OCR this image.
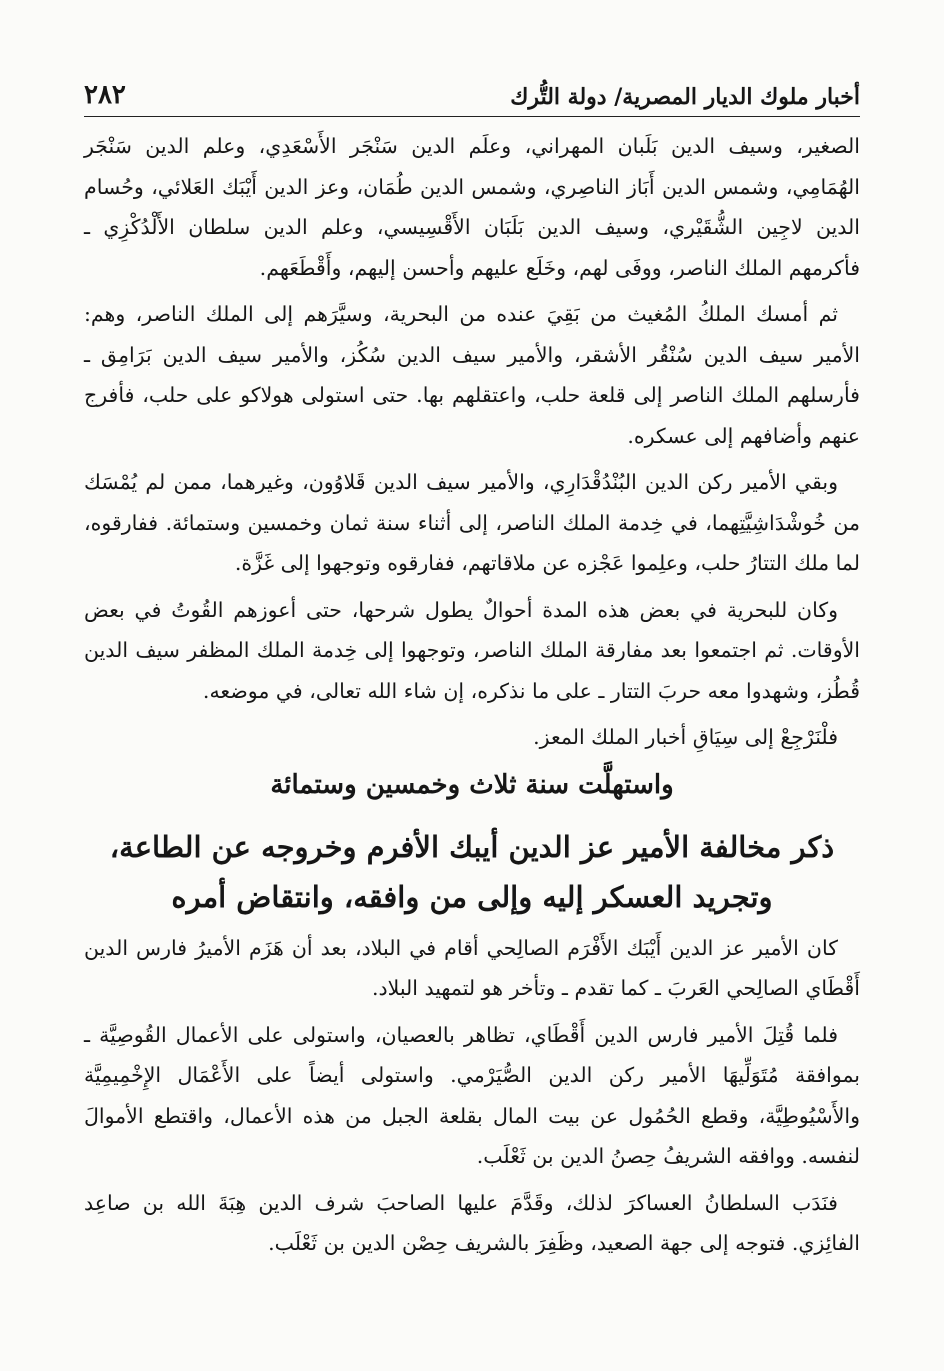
٢٨٢	أخبار ملوك الديار المصرية/ دولة التُّرك

الصغير، وسيف الدين بَلَبان المهراني، وعلَم الدين سَنْجَر الأَسْعَدِي، وعلم الدين سَنْجَر الهُمَامِي، وشمس الدين أَبَاز الناصِري، وشمس الدين طُمَان، وعز الدين أَيْبَك العَلائي، وحُسام الدين لاجِين الشُّقَيْري، وسيف الدين بَلَبَان الأَقْسِيسي، وعلم الدين سلطان الأَلْدُكْزِي ـ فأكرمهم الملك الناصر، ووفَى لهم، وخَلَع عليهم وأحسن إليهم، وأَقْطَعَهم.

ثم أمسك الملكُ المُغيث من بَقِيَ عنده من البحرية، وسيَّرَهم إلى الملك الناصر، وهم: الأمير سيف الدين سُنْقُر الأشقر، والأمير سيف الدين سُكُز، والأمير سيف الدين بَرَامِق ـ فأرسلهم الملك الناصر إلى قلعة حلب، واعتقلهم بها. حتى استولى هولاكو على حلب، فأفرج عنهم وأضافهم إلى عسكره.

وبقي الأمير ركن الدين البُنْدُقْدَارِي، والأمير سيف الدين قَلاوُون، وغيرهما، ممن لم يُمْسَك من خُوشْدَاشِيَّتِهما، في خِدمة الملك الناصر، إلى أثناء سنة ثمان وخمسين وستمائة. ففارقوه، لما ملك التتارُ حلب، وعلِموا عَجْزه عن ملاقاتهم، ففارقوه وتوجهوا إلى غَزَّة.

وكان للبحرية في بعض هذه المدة أحوالٌ يطول شرحها، حتى أعوزهم القُوتُ في بعض الأوقات. ثم اجتمعوا بعد مفارقة الملك الناصر، وتوجهوا إلى خِدمة الملك المظفر سيف الدين قُطُز، وشهدوا معه حربَ التتار ـ على ما نذكره، إن شاء الله تعالى، في موضعه.

فلْنَرْجِعْ إلى سِيَاقِ أخبار الملك المعز.

واستهلَّت سنة ثلاث وخمسين وستمائة
ذكر مخالفة الأمير عز الدين أيبك الأفرم وخروجه عن الطاعة،
وتجريد العسكر إليه وإلى من وافقه، وانتقاض أمره

كان الأمير عز الدين أَيْبَك الأَفْرَم الصالِحي أقام في البلاد، بعد أن هَزَم الأميرُ فارس الدين أَقْطَاي الصالِحي العَربَ ـ كما تقدم ـ وتأخر هو لتمهيد البلاد.

فلما قُتِلَ الأمير فارس الدين أَقْطَاي، تظاهر بالعصيان، واستولى على الأعمال القُوصِيَّة ـ بموافقة مُتَوَلِّيهَا الأمير ركن الدين الصُّيَرْمي. واستولى أيضاً على الأَعْمَال الإِخْمِيمِيَّة والأَسْيُوطِيَّة، وقطع الحُمُول عن بيت المال بقلعة الجبل من هذه الأعمال، واقتطع الأموالَ لنفسه. ووافقه الشريفُ حِصنُ الدين بن ثَعْلَب.

فنَدَب السلطانُ العساكرَ لذلك، وقَدَّمَ عليها الصاحبَ شرف الدين هِبَةَ الله بن صاعِد الفائِزي. فتوجه إلى جهة الصعيد، وظَفِرَ بالشريف حِصْن الدين بن ثَعْلَب.
